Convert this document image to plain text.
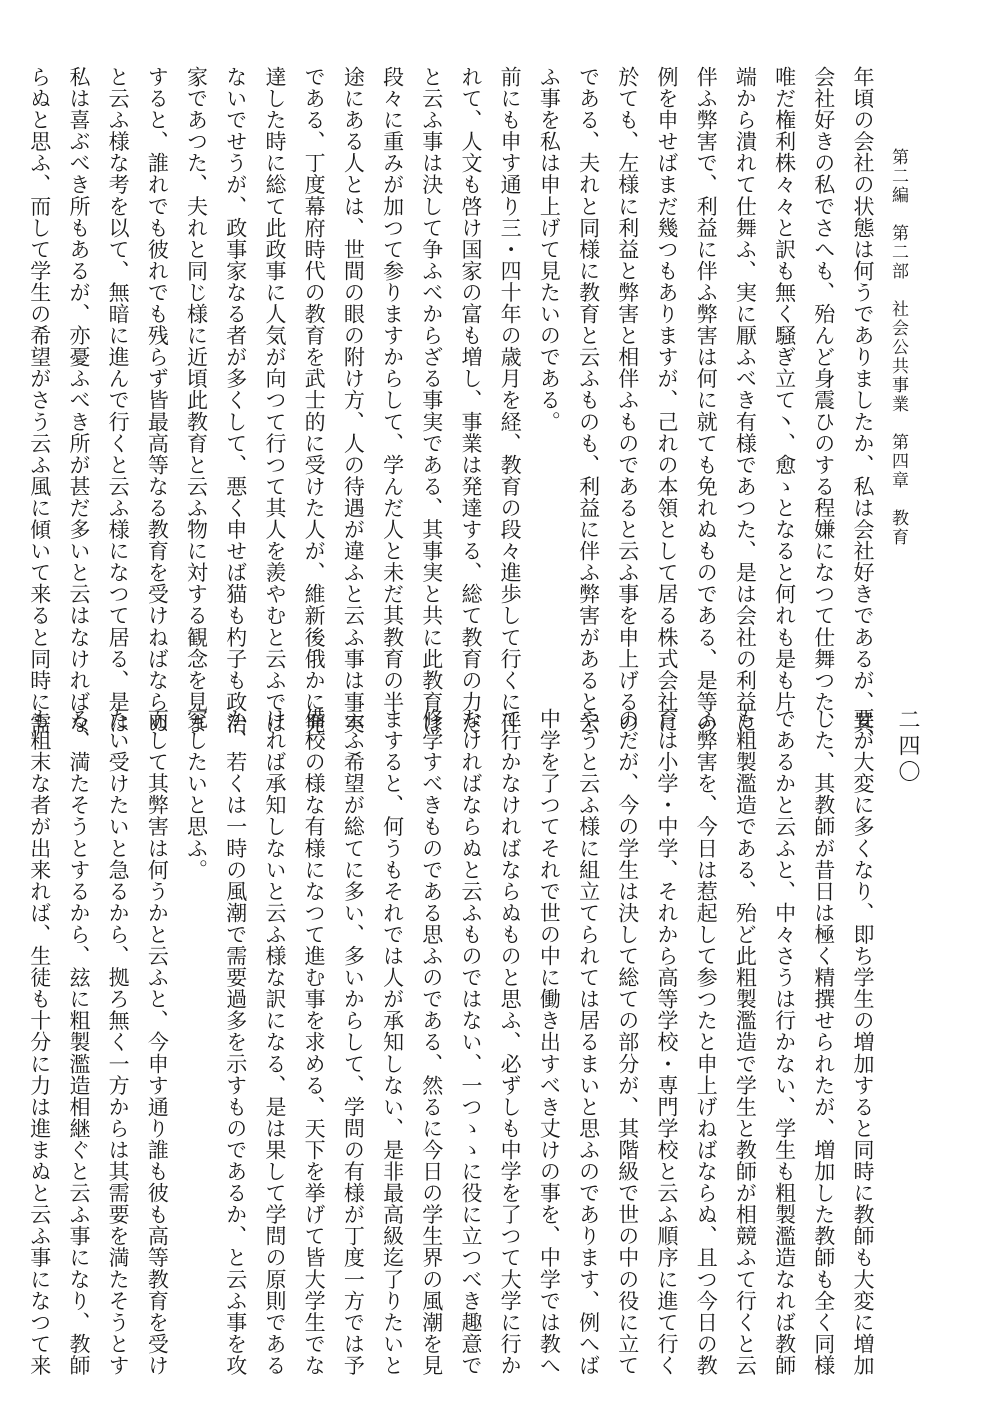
第二編　第二部　社会公共事業　第四章　教育
二四〇

年頃の会社の状態は何うでありましたか、私は会社好きであるが、其

会社好きの私でさへも、殆んど身震ひのする程嫌になつて仕舞つた、

唯だ権利株々々と訳も無く騒ぎ立て丶、愈ゝとなると何れも是も片

端から潰れて仕舞ふ、実に厭ふべき有様であつた、是は会社の利益に

伴ふ弊害で、利益に伴ふ弊害は何に就ても免れぬものである、是等の

例を申せばまだ幾つもありますが、己れの本領として居る株式会社に

於ても、左様に利益と弊害と相伴ふものであると云ふ事を申上げるの

である、夫れと同様に教育と云ふものも、利益に伴ふ弊害があると云

ふ事を私は申上げて見たいのである。

前にも申す通り三・四十年の歳月を経、教育の段々進歩して行くに伴

れて、人文も啓け国家の富も増し、事業は発達する、総て教育の力だ

と云ふ事は決して争ふべからざる事実である、其事実と共に此教育は

段々に重みが加つて参りますからして、学んだ人と未だ其教育の半

途にある人とは、世間の眼の附け方、人の待遇が違ふと云ふ事は事実

である、丁度幕府時代の教育を武士的に受けた人が、維新後俄かに発

達した時に総て此政事に人気が向つて行つて其人を羨やむと云ふでは

ないでせうが、政事家なる者が多くして、悪く申せば猫も杓子も政治

家であつた、夫れと同じ様に近頃此教育と云ふ物に対する観念を見ま

すると、誰れでも彼れでも残らず皆最高等なる教育を受けねばならぬ

と云ふ様な考を以て、無暗に進んで行くと云ふ様になつて居る、是は

私は喜ぶべき所もあるが、亦憂ふべき所が甚だ多いと云はなければな

らぬと思ふ、而して学生の希望がさう云ふ風に傾いて来ると同時に需

要が大変に多くなり、即ち学生の増加すると同時に教師も大変に増加

した、其教師が昔日は極く精撰せられたが、増加した教師も全く同様

であるかと云ふと、中々さうは行かない、学生も粗製濫造なれば教師

も粗製濫造である、殆ど此粗製濫造で学生と教師が相競ふて行くと云

ふ弊害を、今日は惹起して参つたと申上げねばならぬ、且つ今日の教

育は小学・中学、それから高等学校・専門学校と云ふ順序に進て行く

のだが、今の学生は決して総ての部分が、其階級で世の中の役に立て

やうと云ふ様に組立てられては居るまいと思ふのであります、例へば

中学を了つてそれで世の中に働き出すべき丈けの事を、中学では教へ

て行かなければならぬものと思ふ、必ずしも中学を了つて大学に行か

なければならぬと云ふものではない、一つゝゝに役に立つべき趣意で

修学すべきものである思ふのである、然るに今日の学生界の風潮を見

ますると、何うもそれでは人が承知しない、是非最高級迄了りたいと

云ふ希望が総てに多い、多いからして、学問の有様が丁度一方では予

備校の様な有様になつて進む事を求める、天下を挙げて皆大学生でな

ければ承知しないと云ふ様な訳になる、是は果して学問の原則である

か、若くは一時の風潮で需要過多を示すものであるか、と云ふ事を攻

究したいと思ふ。

而して其弊害は何うかと云ふと、今申す通り誰も彼も高等教育を受け

たい受けたいと急るから、拠ろ無く一方からは其需要を満たそうとす

る、満たそうとするから、玆に粗製濫造相継ぐと云ふ事になり、教師

も粗末な者が出来れば、生徒も十分に力は進まぬと云ふ事になつて来
